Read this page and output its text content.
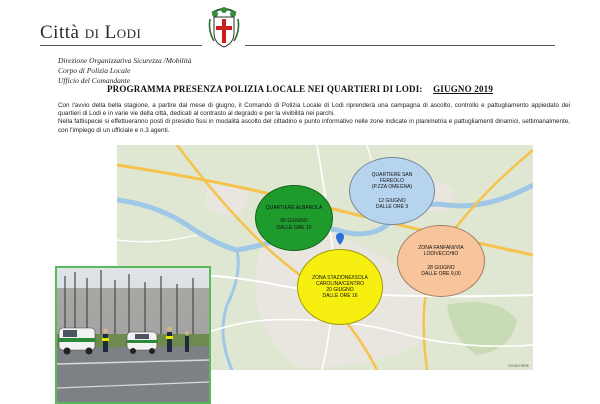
Città di Lodi
Direzione Organizzativa Sicurezza /Mobilità
Corpo di Polizia Locale
Ufficio del Comandante
PROGRAMMA PRESENZA POLIZIA LOCALE NEI QUARTIERI DI LODI: GIUGNO 2019

Con l'avvio della bella stagione, a partire dal mese di giugno, il Comando di Polizia Locale di Lodi riprenderà una campagna di ascolto, controllo e pattugliamento appiedato dei quartieri di Lodi e in varie vie della città, dedicati al contrasto al degrado e per la vivibilità nei parchi.

Nella fattispecie si effettueranno posti di presidio fissi in modalità ascolto del cittadino e punto informativo nelle zone indicate in planimetria e pattugliamenti dinamici, settimanalmente, con l'impiego di un ufficiale e n.3 agenti.

QUARTIERE ALBAROLA
06 GIUGNO
DALLE ORE 16
QUARTIERE SAN FEREOLO
(P.ZZA OMEGNA)
12 GIUGNO
DALLE ORE 9
ZONA STAZIONE/ISOLA CAROLINA/CENTRO
20 GIUGNO
DALLE ORE 16
ZONA FANFANI/VIA LODIVECCHIO
28 GIUGNO
DALLE ORE 9,00
©2018 HERE
